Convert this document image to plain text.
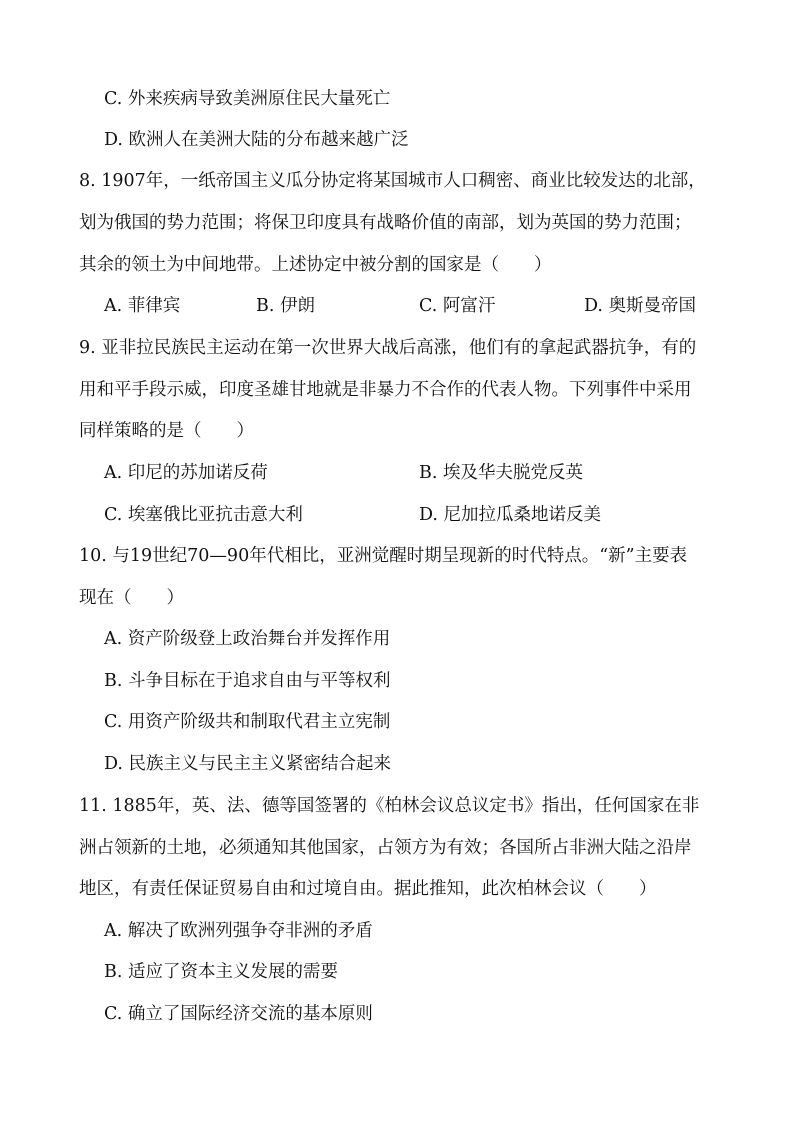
C. 外来疾病导致美洲原住民大量死亡
D. 欧洲人在美洲大陆的分布越来越广泛
8. 1907年，一纸帝国主义瓜分协定将某国城市人口稠密、商业比较发达的北部，
划为俄国的势力范围；将保卫印度具有战略价值的南部，划为英国的势力范围；
其余的领土为中间地带。上述协定中被分割的国家是（　　）
A. 菲律宾	B. 伊朗	C. 阿富汗	D. 奥斯曼帝国
9. 亚非拉民族民主运动在第一次世界大战后高涨，他们有的拿起武器抗争，有的
用和平手段示威，印度圣雄甘地就是非暴力不合作的代表人物。下列事件中采用
同样策略的是（　　）
A. 印尼的苏加诺反荷	B. 埃及华夫脱党反英
C. 埃塞俄比亚抗击意大利	D. 尼加拉瓜桑地诺反美
10. 与19世纪70—90年代相比，亚洲觉醒时期呈现新的时代特点。“新”主要表
现在（　　）
A. 资产阶级登上政治舞台并发挥作用
B. 斗争目标在于追求自由与平等权利
C. 用资产阶级共和制取代君主立宪制
D. 民族主义与民主主义紧密结合起来
11. 1885年，英、法、德等国签署的《柏林会议总议定书》指出，任何国家在非
洲占领新的土地，必须通知其他国家，占领方为有效；各国所占非洲大陆之沿岸
地区，有责任保证贸易自由和过境自由。据此推知，此次柏林会议（　　）
A. 解决了欧洲列强争夺非洲的矛盾
B. 适应了资本主义发展的需要
C. 确立了国际经济交流的基本原则
